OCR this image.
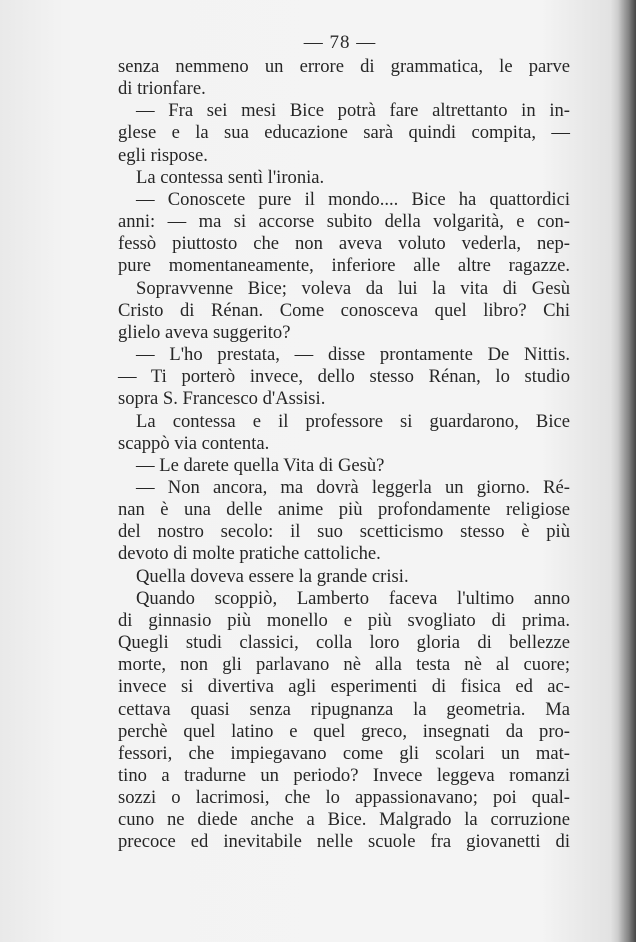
— 78 —
senza nemmeno un errore di grammatica, le parve
di trionfare.
— Fra sei mesi Bice potrà fare altrettanto in in-
glese e la sua educazione sarà quindi compita, —
egli rispose.
La contessa sentì l'ironia.
— Conoscete pure il mondo.... Bice ha quattordici
anni: — ma si accorse subito della volgarità, e con-
fessò piuttosto che non aveva voluto vederla, nep-
pure momentaneamente, inferiore alle altre ragazze.
Sopravvenne Bice; voleva da lui la vita di Gesù
Cristo di Rénan. Come conosceva quel libro? Chi
glielo aveva suggerito?
— L'ho prestata, — disse prontamente De Nittis.
— Ti porterò invece, dello stesso Rénan, lo studio
sopra S. Francesco d'Assisi.
La contessa e il professore si guardarono, Bice
scappò via contenta.
— Le darete quella Vita di Gesù?
— Non ancora, ma dovrà leggerla un giorno. Ré-
nan è una delle anime più profondamente religiose
del nostro secolo: il suo scetticismo stesso è più
devoto di molte pratiche cattoliche.
Quella doveva essere la grande crisi.
Quando scoppiò, Lamberto faceva l'ultimo anno
di ginnasio più monello e più svogliato di prima.
Quegli studi classici, colla loro gloria di bellezze
morte, non gli parlavano nè alla testa nè al cuore;
invece si divertiva agli esperimenti di fisica ed ac-
cettava quasi senza ripugnanza la geometria. Ma
perchè quel latino e quel greco, insegnati da pro-
fessori, che impiegavano come gli scolari un mat-
tino a tradurne un periodo? Invece leggeva romanzi
sozzi o lacrimosi, che lo appassionavano; poi qual-
cuno ne diede anche a Bice. Malgrado la corruzione
precoce ed inevitabile nelle scuole fra giovanetti di
